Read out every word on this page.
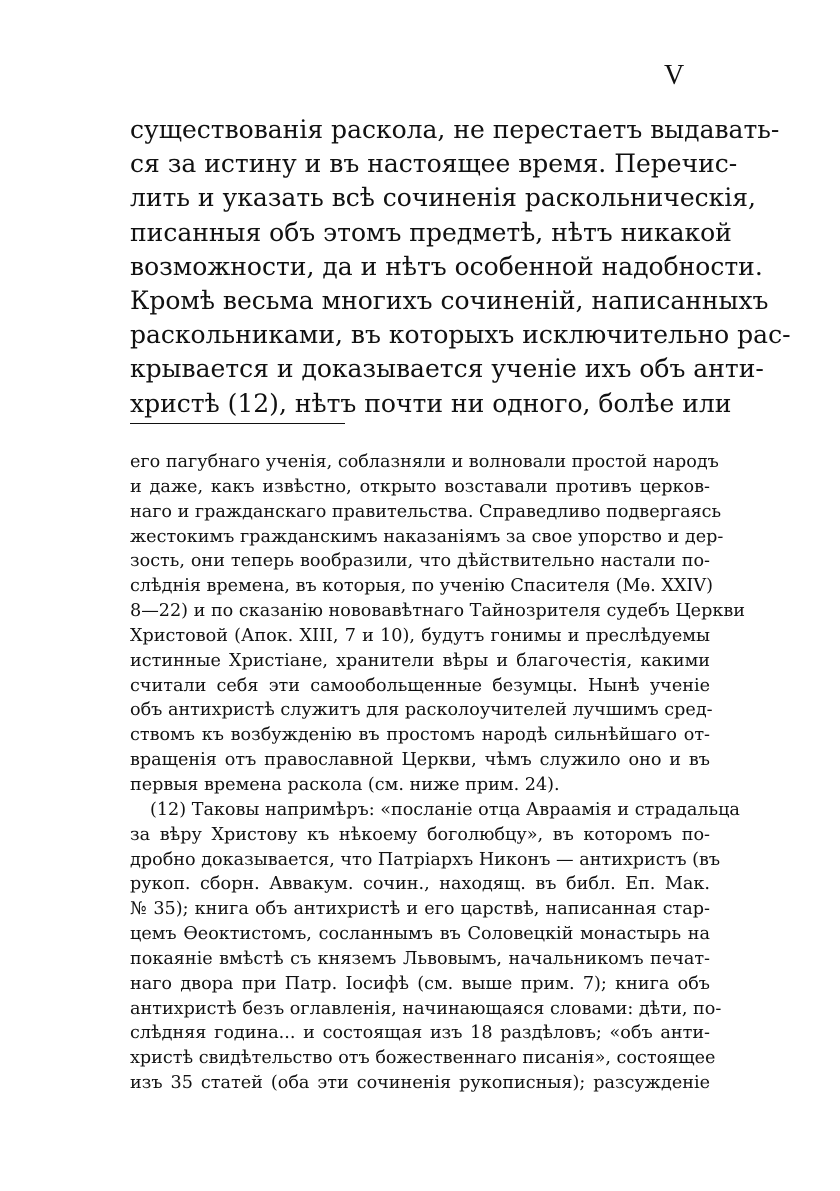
V
существованія раскола, не перестаетъ выдавать-
ся за истину и въ настоящее время. Перечис-
лить и указать всѣ сочиненія раскольническія,
писанныя объ этомъ предметѣ, нѣтъ никакой
возможности, да и нѣтъ особенной надобности.
Кромѣ весьма многихъ сочиненій, написанныхъ
раскольниками, въ которыхъ исключительно рас-
крывается и доказывается ученіе ихъ объ анти-
христѣ (12), нѣтъ почти ни одного, болѣе или
его пагубнаго ученія, соблазняли и волновали простой народъ
и даже, какъ извѣстно, открыто возставали противъ церков-
наго и гражданскаго правительства. Справедливо подвергаясь
жестокимъ гражданскимъ наказаніямъ за свое упорство и дер-
зость, они теперь вообразили, что дѣйствительно настали по-
слѣднія времена, въ которыя, по ученію Спасителя (Мѳ. XXIV)
8—22) и по сказанію нововавѣтнаго Тайнозрителя судебъ Церкви
Христовой (Апок. XIII, 7 и 10), будутъ гонимы и преслѣдуемы
истинные Христіане, хранители вѣры и благочестія, какими
считали себя эти самообольщенные безумцы. Нынѣ ученіе
объ антихристѣ служитъ для расколоучителей лучшимъ сред-
ствомъ къ возбужденію въ простомъ народѣ сильнѣйшаго от-
вращенія отъ православной Церкви, чѣмъ служило оно и въ
первыя времена раскола (см. ниже прим. 24).
(12) Таковы напримѣръ: «посланіе отца Авраамія и страдальца
за вѣру Христову къ нѣкоему боголюбцу», въ которомъ по-
дробно доказывается, что Патріархъ Никонъ — антихристъ (въ
рукоп. сборн. Аввакум. сочин., находящ. въ библ. Еп. Мак.
№ 35); книга объ антихристѣ и его царствѣ, написанная стар-
цемъ Ѳеоктистомъ, сосланнымъ въ Соловецкій монастырь на
покаяніе вмѣстѣ съ княземъ Львовымъ, начальникомъ печат-
наго двора при Патр. Іосифѣ (см. выше прим. 7); книга объ
антихристѣ безъ оглавленія, начинающаяся словами: дѣти, по-
слѣдняя година... и состоящая изъ 18 раздѣловъ; «объ анти-
христѣ свидѣтельство отъ божественнаго писанія», состоящее
изъ 35 статей (оба эти сочиненія рукописныя); разсужденіе
